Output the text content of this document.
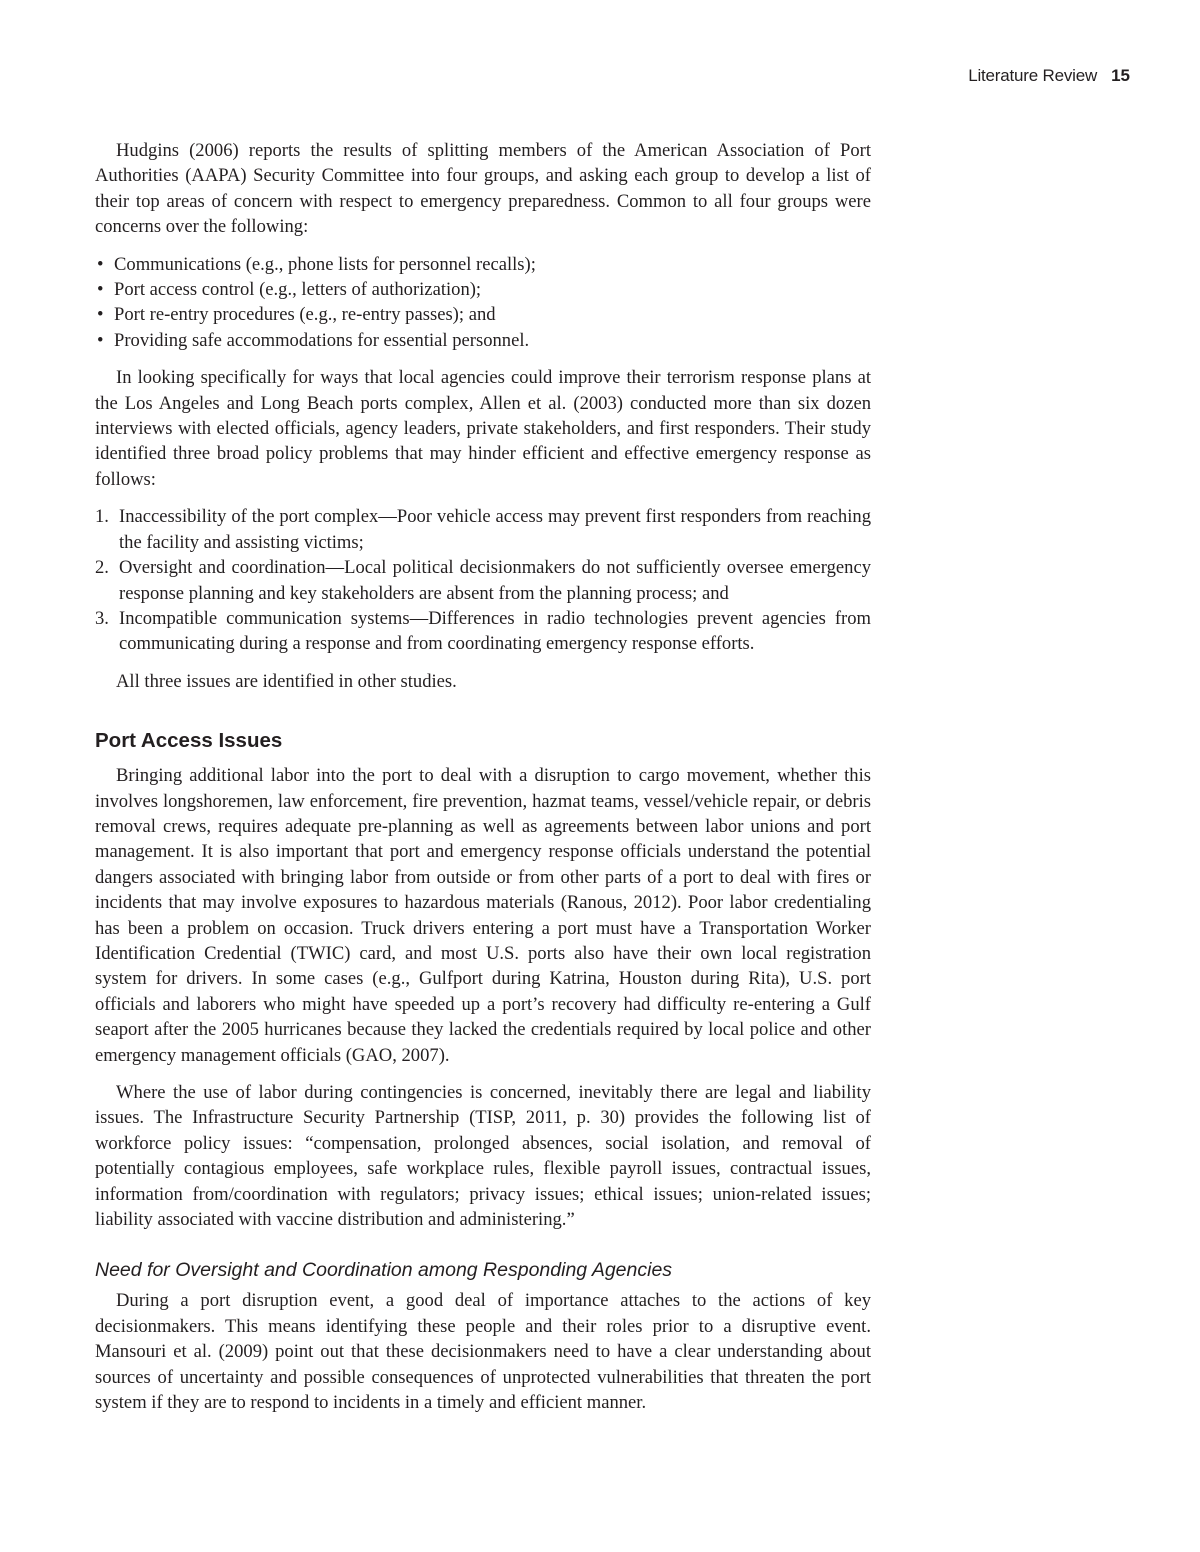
Literature Review 15

Hudgins (2006) reports the results of splitting members of the American Association of Port Authorities (AAPA) Security Committee into four groups, and asking each group to develop a list of their top areas of concern with respect to emergency preparedness. Common to all four groups were concerns over the following:

• Communications (e.g., phone lists for personnel recalls);
• Port access control (e.g., letters of authorization);
• Port re-entry procedures (e.g., re-entry passes); and
• Providing safe accommodations for essential personnel.

In looking specifically for ways that local agencies could improve their terrorism response plans at the Los Angeles and Long Beach ports complex, Allen et al. (2003) conducted more than six dozen interviews with elected officials, agency leaders, private stakeholders, and first responders. Their study identified three broad policy problems that may hinder efficient and effective emergency response as follows:

1. Inaccessibility of the port complex—Poor vehicle access may prevent first responders from reaching the facility and assisting victims;
2. Oversight and coordination—Local political decisionmakers do not sufficiently oversee emergency response planning and key stakeholders are absent from the planning process; and
3. Incompatible communication systems—Differences in radio technologies prevent agencies from communicating during a response and from coordinating emergency response efforts.

All three issues are identified in other studies.

Port Access Issues

Bringing additional labor into the port to deal with a disruption to cargo movement, whether this involves longshoremen, law enforcement, fire prevention, hazmat teams, vessel/vehicle repair, or debris removal crews, requires adequate pre-planning as well as agreements between labor unions and port management. It is also important that port and emergency response officials understand the potential dangers associated with bringing labor from outside or from other parts of a port to deal with fires or incidents that may involve exposures to hazardous materials (Ranous, 2012). Poor labor credentialing has been a problem on occasion. Truck drivers entering a port must have a Transportation Worker Identification Credential (TWIC) card, and most U.S. ports also have their own local registration system for drivers. In some cases (e.g., Gulfport during Katrina, Houston during Rita), U.S. port officials and laborers who might have speeded up a port’s recovery had difficulty re-entering a Gulf seaport after the 2005 hurricanes because they lacked the credentials required by local police and other emergency management officials (GAO, 2007).

Where the use of labor during contingencies is concerned, inevitably there are legal and liability issues. The Infrastructure Security Partnership (TISP, 2011, p. 30) provides the following list of workforce policy issues: “compensation, prolonged absences, social isolation, and removal of potentially contagious employees, safe workplace rules, flexible payroll issues, contractual issues, information from/coordination with regulators; privacy issues; ethical issues; union-related issues; liability associated with vaccine distribution and administering.”

Need for Oversight and Coordination among Responding Agencies

During a port disruption event, a good deal of importance attaches to the actions of key decisionmakers. This means identifying these people and their roles prior to a disruptive event. Mansouri et al. (2009) point out that these decisionmakers need to have a clear understanding about sources of uncertainty and possible consequences of unprotected vulnerabilities that threaten the port system if they are to respond to incidents in a timely and efficient manner.
